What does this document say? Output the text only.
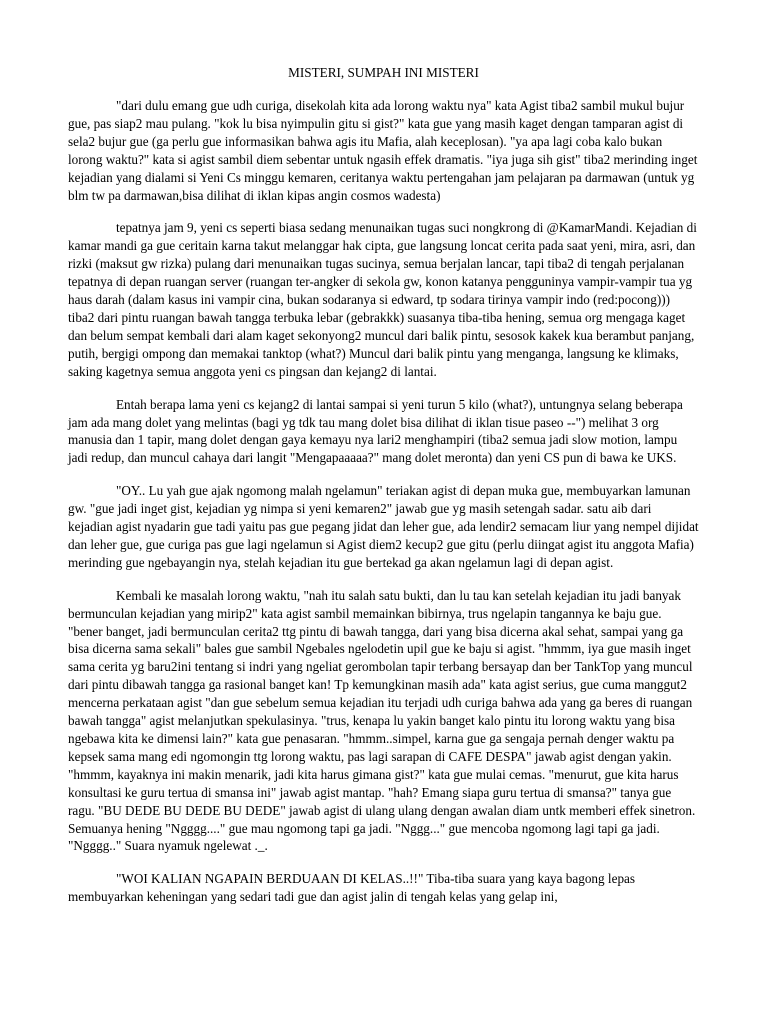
MISTERI, SUMPAH INI MISTERI

"dari dulu emang gue udh curiga, disekolah kita ada lorong waktu nya" kata Agist tiba2 sambil mukul bujur gue, pas siap2 mau pulang. "kok lu bisa nyimpulin gitu si gist?" kata gue yang masih kaget dengan tamparan agist di sela2 bujur gue (ga perlu gue informasikan bahwa agis itu Mafia, alah keceplosan). "ya apa lagi coba kalo bukan lorong waktu?" kata si agist sambil diem sebentar untuk ngasih effek dramatis. "iya juga sih gist" tiba2 merinding inget kejadian yang dialami si Yeni Cs minggu kemaren, ceritanya waktu pertengahan jam pelajaran pa darmawan (untuk yg blm tw pa darmawan,bisa dilihat di iklan kipas angin cosmos wadesta)

tepatnya jam 9, yeni cs seperti biasa sedang menunaikan tugas suci nongkrong di @KamarMandi. Kejadian di kamar mandi ga gue ceritain karna takut melanggar hak cipta, gue langsung loncat cerita pada saat yeni, mira, asri, dan rizki (maksut gw rizka) pulang dari menunaikan tugas sucinya, semua berjalan lancar, tapi tiba2 di tengah perjalanan tepatnya di depan ruangan server (ruangan ter-angker di sekola gw, konon katanya pengguninya vampir-vampir tua yg haus darah (dalam kasus ini vampir cina, bukan sodaranya si edward, tp sodara tirinya vampir indo (red:pocong))) tiba2 dari pintu ruangan bawah tangga terbuka lebar (gebrakkk) suasanya tiba-tiba hening, semua org mengaga kaget dan belum sempat kembali dari alam kaget sekonyong2 muncul dari balik pintu, sesosok kakek kua berambut panjang, putih, bergigi ompong dan memakai tanktop (what?) Muncul dari balik pintu yang menganga, langsung ke klimaks, saking kagetnya semua anggota yeni cs pingsan dan kejang2 di lantai.

Entah berapa lama yeni cs kejang2 di lantai sampai si yeni turun 5 kilo (what?), untungnya selang beberapa jam ada mang dolet yang melintas (bagi yg tdk tau mang dolet bisa dilihat di iklan tisue paseo --") melihat 3 org manusia dan 1 tapir, mang dolet dengan gaya kemayu nya lari2 menghampiri (tiba2 semua jadi slow motion, lampu jadi redup, dan muncul cahaya dari langit "Mengapaaaaa?" mang dolet meronta) dan yeni CS pun di bawa ke UKS.

"OY.. Lu yah gue ajak ngomong malah ngelamun" teriakan agist di depan muka gue, membuyarkan lamunan gw. "gue jadi inget gist, kejadian yg nimpa si yeni kemaren2" jawab gue yg masih setengah sadar. satu aib dari kejadian agist nyadarin gue tadi yaitu pas gue pegang jidat dan leher gue, ada lendir2 semacam liur yang nempel dijidat dan leher gue, gue curiga pas gue lagi ngelamun si Agist diem2 kecup2 gue gitu (perlu diingat agist itu anggota Mafia) merinding gue ngebayangin nya, stelah kejadian itu gue bertekad ga akan ngelamun lagi di depan agist.

Kembali ke masalah lorong waktu, "nah itu salah satu bukti, dan lu tau kan setelah kejadian itu jadi banyak bermunculan kejadian yang mirip2" kata agist sambil memainkan bibirnya, trus ngelapin tangannya ke baju gue. "bener banget, jadi bermunculan cerita2 ttg pintu di bawah tangga, dari yang bisa dicerna akal sehat, sampai yang ga bisa dicerna sama sekali" bales gue sambil Ngebales ngelodetin upil gue ke baju si agist. "hmmm, iya gue masih inget sama cerita yg baru2ini tentang si indri yang ngeliat gerombolan tapir terbang bersayap dan ber TankTop yang muncul dari pintu dibawah tangga ga rasional banget kan! Tp kemungkinan masih ada" kata agist serius, gue cuma manggut2 mencerna perkataan agist "dan gue sebelum semua kejadian itu terjadi udh curiga bahwa ada yang ga beres di ruangan bawah tangga" agist melanjutkan spekulasinya. "trus, kenapa lu yakin banget kalo pintu itu lorong waktu yang bisa ngebawa kita ke dimensi lain?" kata gue penasaran. "hmmm..simpel, karna gue ga sengaja pernah denger waktu pa kepsek sama mang edi ngomongin ttg lorong waktu, pas lagi sarapan di CAFE DESPA" jawab agist dengan yakin. "hmmm, kayaknya ini makin menarik, jadi kita harus gimana gist?" kata gue mulai cemas. "menurut, gue kita harus konsultasi ke guru tertua di smansa ini" jawab agist mantap. "hah? Emang siapa guru tertua di smansa?" tanya gue ragu. "BU DEDE BU DEDE BU DEDE" jawab agist di ulang ulang dengan awalan diam untk memberi effek sinetron. Semuanya hening "Ngggg...." gue mau ngomong tapi ga jadi. "Nggg..." gue mencoba ngomong lagi tapi ga jadi. "Ngggg.." Suara nyamuk ngelewat ._.

"WOI KALIAN NGAPAIN BERDUAAN DI KELAS..!!" Tiba-tiba suara yang kaya bagong lepas membuyarkan keheningan yang sedari tadi gue dan agist jalin di tengah kelas yang gelap ini,
